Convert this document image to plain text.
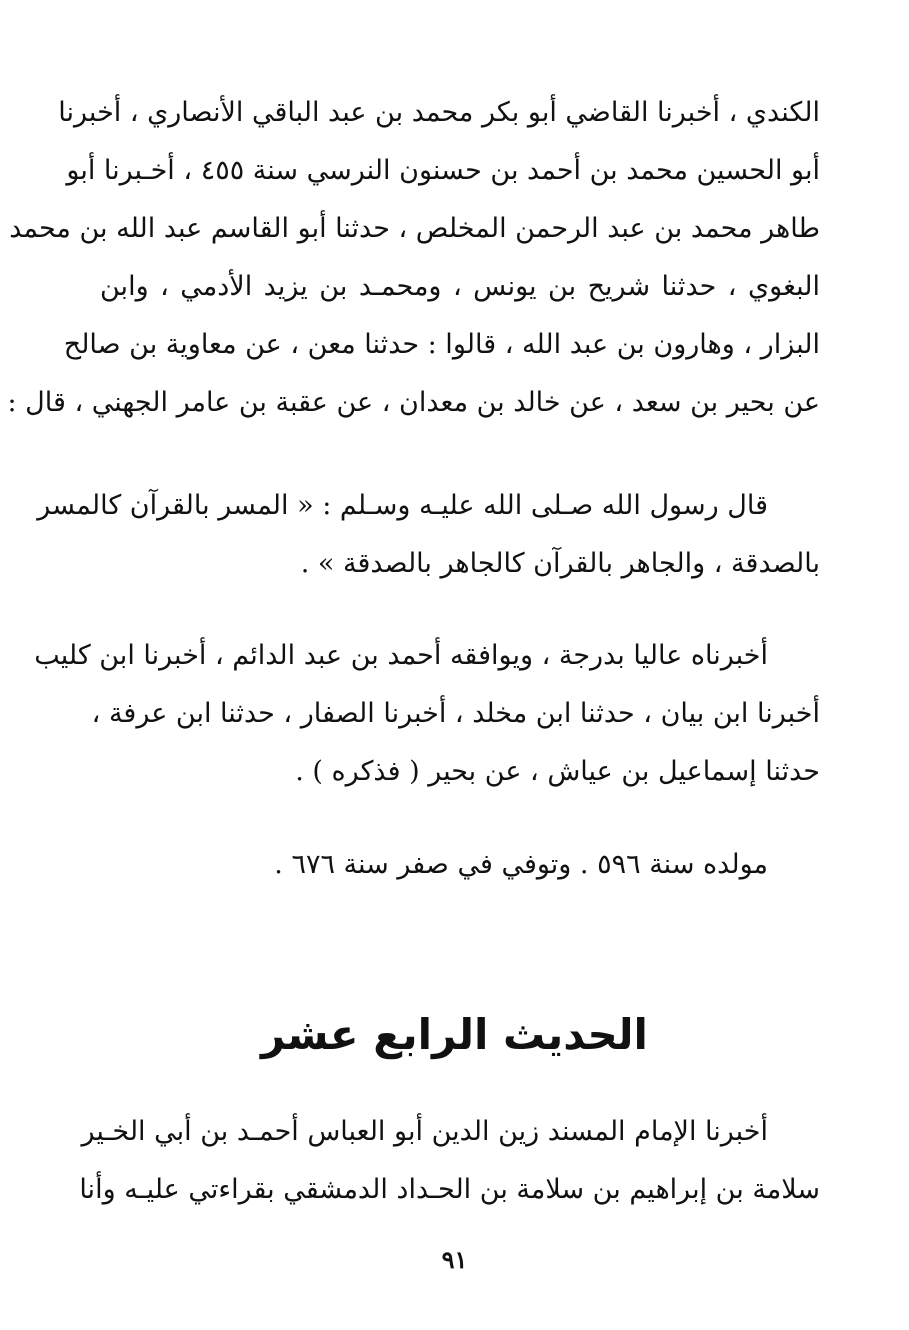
الكندي ، أخبرنا القاضي أبو بكر محمد بن عبد الباقي الأنصاري ، أخبرنا
أبو الحسين محمد بن أحمد بن حسنون النرسي سنة ٤٥٥ ، أخـبرنا أبو
طاهر محمد بن عبد الرحمن المخلص ، حدثنا أبو القاسم عبد الله بن محمد
البغوي ، حدثنا شريح بن يونس ، ومحمـد بن يزيد الأدمي ، وابن
البزار ، وهارون بن عبد الله ، قالوا : حدثنا معن ، عن معاوية بن صالح
عن بحير بن سعد ، عن خالد بن معدان ، عن عقبة بن عامر الجهني ، قال :
قال رسول الله صـلى الله عليـه وسـلم : « المسر بالقرآن كالمسر
بالصدقة ، والجاهر بالقرآن كالجاهر بالصدقة » .
أخبرناه عاليا بدرجة ، ويوافقه أحمد بن عبد الدائم ، أخبرنا ابن كليب
أخبرنا ابن بيان ، حدثنا ابن مخلد ، أخبرنا الصفار ، حدثنا ابن عرفة ،
حدثنا إسماعيل بن عياش ، عن بحير ( فذكره ) .
مولده سنة ٥٩٦ . وتوفي في صفر سنة ٦٧٦ .
الحديث الرابع عشر
أخبرنا الإمام المسند زين الدين أبو العباس أحمـد بن أبي الخـير
سلامة بن إبراهيم بن سلامة بن الحـداد الدمشقي بقراءتي عليـه وأنا
٩١
